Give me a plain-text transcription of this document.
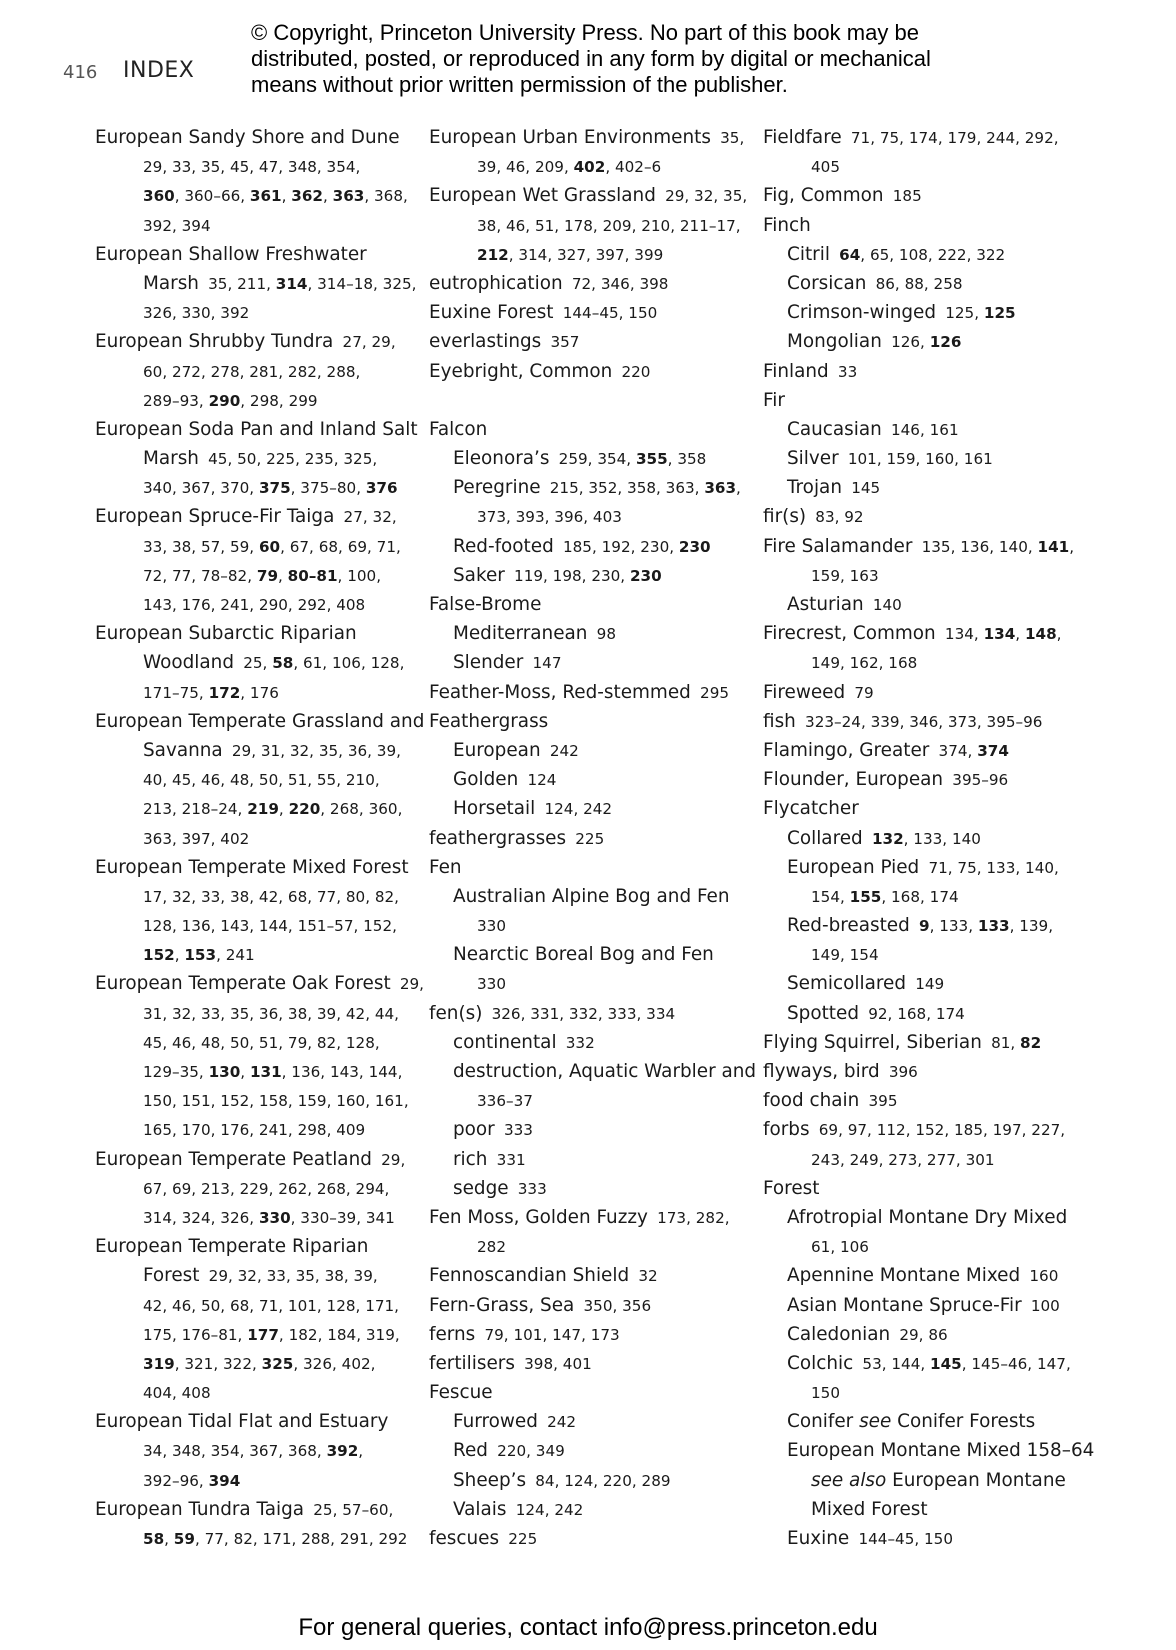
416 INDEX
© Copyright, Princeton University Press. No part of this book may be distributed, posted, or reproduced in any form by digital or mechanical means without prior written permission of the publisher.
European Sandy Shore and Dune
29, 33, 35, 45, 47, 348, 354,
360, 360–66, 361, 362, 363, 368,
392, 394
European Shallow Freshwater
Marsh  35, 211, 314, 314–18, 325,
326, 330, 392
European Shrubby Tundra  27, 29,
60, 272, 278, 281, 282, 288,
289–93, 290, 298, 299
European Soda Pan and Inland Salt
Marsh  45, 50, 225, 235, 325,
340, 367, 370, 375, 375–80, 376
European Spruce-Fir Taiga  27, 32,
33, 38, 57, 59, 60, 67, 68, 69, 71,
72, 77, 78–82, 79, 80–81, 100,
143, 176, 241, 290, 292, 408
European Subarctic Riparian
Woodland  25, 58, 61, 106, 128,
171–75, 172, 176
European Temperate Grassland and
Savanna  29, 31, 32, 35, 36, 39,
40, 45, 46, 48, 50, 51, 55, 210,
213, 218–24, 219, 220, 268, 360,
363, 397, 402
European Temperate Mixed Forest
17, 32, 33, 38, 42, 68, 77, 80, 82,
128, 136, 143, 144, 151–57, 152,
152, 153, 241
European Temperate Oak Forest  29,
31, 32, 33, 35, 36, 38, 39, 42, 44,
45, 46, 48, 50, 51, 79, 82, 128,
129–35, 130, 131, 136, 143, 144,
150, 151, 152, 158, 159, 160, 161,
165, 170, 176, 241, 298, 409
European Temperate Peatland  29,
67, 69, 213, 229, 262, 268, 294,
314, 324, 326, 330, 330–39, 341
European Temperate Riparian
Forest  29, 32, 33, 35, 38, 39,
42, 46, 50, 68, 71, 101, 128, 171,
175, 176–81, 177, 182, 184, 319,
319, 321, 322, 325, 326, 402,
404, 408
European Tidal Flat and Estuary
34, 348, 354, 367, 368, 392,
392–96, 394
European Tundra Taiga  25, 57–60,
58, 59, 77, 82, 171, 288, 291, 292
European Urban Environments  35,
39, 46, 209, 402, 402–6
European Wet Grassland  29, 32, 35,
38, 46, 51, 178, 209, 210, 211–17,
212, 314, 327, 397, 399
eutrophication  72, 346, 398
Euxine Forest  144–45, 150
everlastings  357
Eyebright, Common  220

Falcon
Eleonora’s  259, 354, 355, 358
Peregrine  215, 352, 358, 363, 363,
373, 393, 396, 403
Red-footed  185, 192, 230, 230
Saker  119, 198, 230, 230
False-Brome
Mediterranean  98
Slender  147
Feather-Moss, Red-stemmed  295
Feathergrass
European  242
Golden  124
Horsetail  124, 242
feathergrasses  225
Fen
Australian Alpine Bog and Fen
330
Nearctic Boreal Bog and Fen
330
fen(s)  326, 331, 332, 333, 334
continental  332
destruction, Aquatic Warbler and
336–37
poor  333
rich  331
sedge  333
Fen Moss, Golden Fuzzy  173, 282,
282
Fennoscandian Shield  32
Fern-Grass, Sea  350, 356
ferns  79, 101, 147, 173
fertilisers  398, 401
Fescue
Furrowed  242
Red  220, 349
Sheep’s  84, 124, 220, 289
Valais  124, 242
fescues  225
Fieldfare  71, 75, 174, 179, 244, 292,
405
Fig, Common  185
Finch
Citril  64, 65, 108, 222, 322
Corsican  86, 88, 258
Crimson-winged  125, 125
Mongolian  126, 126
Finland  33
Fir
Caucasian  146, 161
Silver  101, 159, 160, 161
Trojan  145
fir(s)  83, 92
Fire Salamander  135, 136, 140, 141,
159, 163
Asturian  140
Firecrest, Common  134, 134, 148,
149, 162, 168
Fireweed  79
fish  323–24, 339, 346, 373, 395–96
Flamingo, Greater  374, 374
Flounder, European  395–96
Flycatcher
Collared  132, 133, 140
European Pied  71, 75, 133, 140,
154, 155, 168, 174
Red-breasted  9, 133, 133, 139,
149, 154
Semicollared  149
Spotted  92, 168, 174
Flying Squirrel, Siberian  81, 82
flyways, bird  396
food chain  395
forbs  69, 97, 112, 152, 185, 197, 227,
243, 249, 273, 277, 301
Forest
Afrotropial Montane Dry Mixed
61, 106
Apennine Montane Mixed  160
Asian Montane Spruce-Fir  100
Caledonian  29, 86
Colchic  53, 144, 145, 145–46, 147,
150
Conifer see Conifer Forests
European Montane Mixed 158–64
see also European Montane
Mixed Forest
Euxine  144–45, 150
For general queries, contact info@press.princeton.edu
